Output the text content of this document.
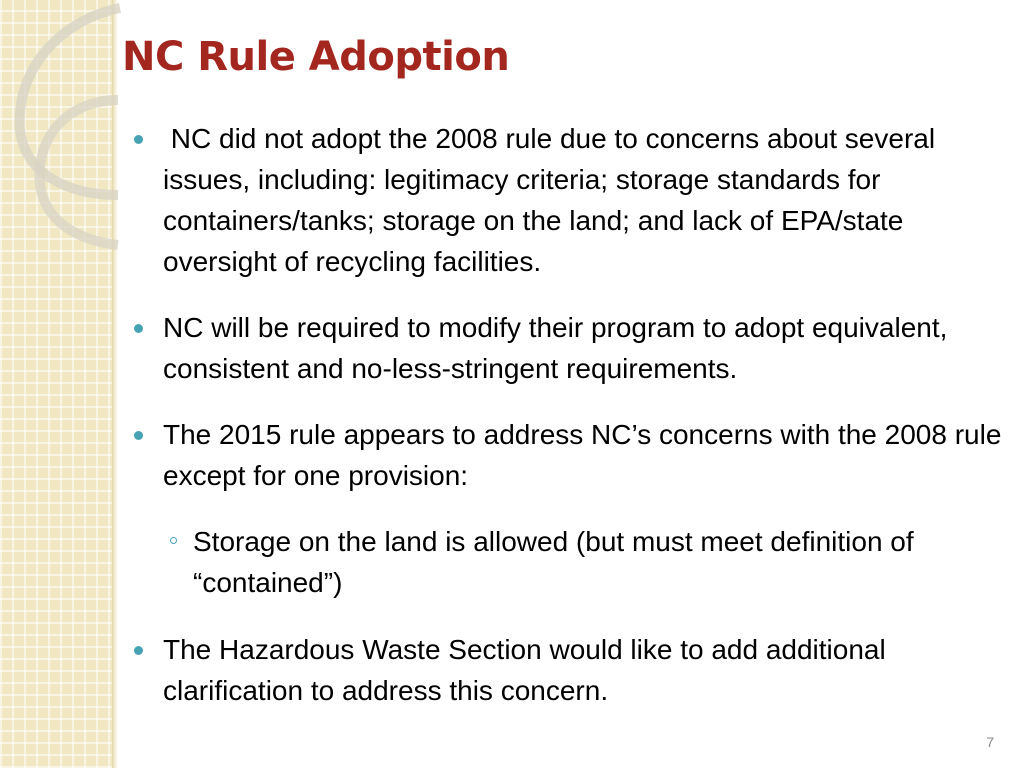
NC Rule Adoption
NC did not adopt the 2008 rule due to concerns about several issues, including: legitimacy criteria; storage standards for containers/tanks; storage on the land; and lack of EPA/state oversight of recycling facilities.
NC will be required to modify their program to adopt equivalent, consistent and no-less-stringent requirements.
The 2015 rule appears to address NC’s concerns with the 2008 rule except for one provision:
Storage on the land is allowed (but must meet definition of “contained”)
The Hazardous Waste Section would like to add additional clarification to address this concern.
7
